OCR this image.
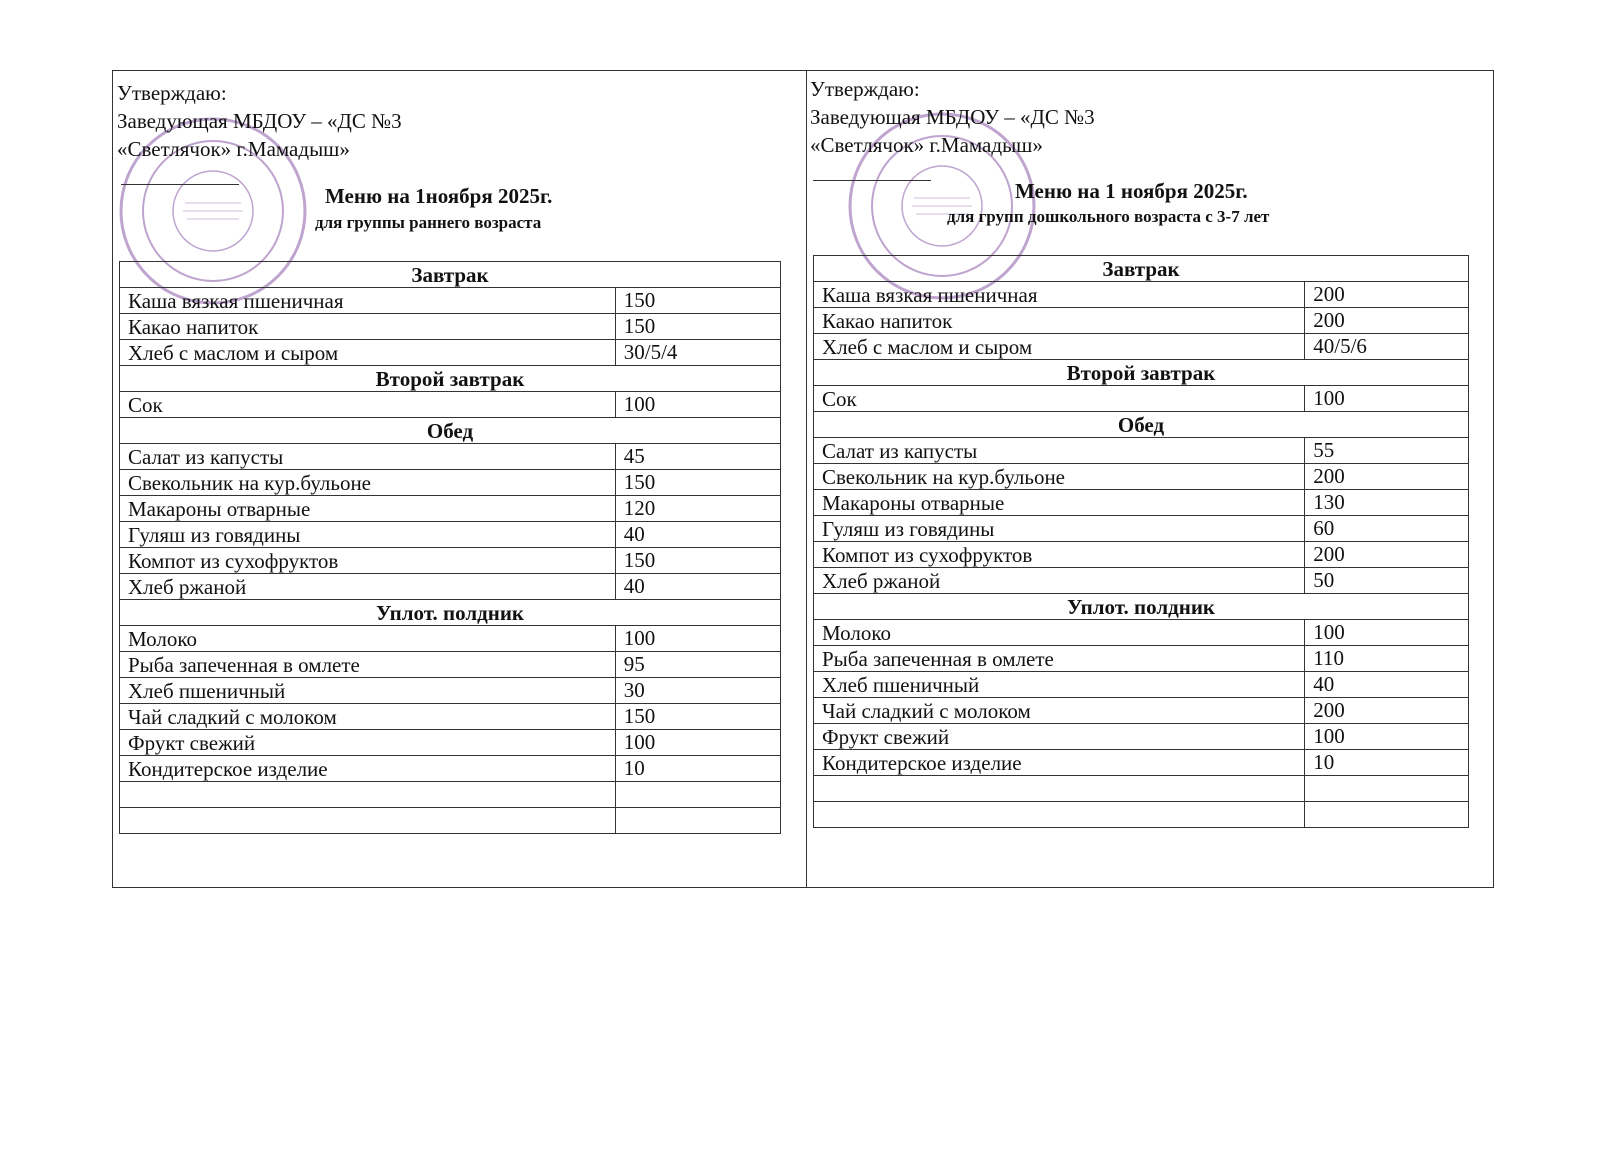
Утверждаю:
Заведующая МБДОУ – «ДС №3
«Светлячок» г.Мамадыш»
Меню на 1ноября 2025г.
для группы раннего возраста
Завтрак	
Каша вязкая пшеничная	150
Какао напиток	150
Хлеб с маслом и сыром	30/5/4
Второй завтрак	
Сок	100
Обед	
Салат из капусты	45
Свекольник на кур.бульоне	150
Макароны отварные	120
Гуляш из говядины	40
Компот из сухофруктов	150
Хлеб ржаной	40
Уплот. полдник	
Молоко	100
Рыба запеченная в омлете	95
Хлеб пшеничный	30
Чай сладкий с молоком	150
Фрукт свежий	100
Кондитерское изделие	10

Утверждаю:
Заведующая МБДОУ – «ДС №3
«Светлячок» г.Мамадыш»
Меню на 1 ноября 2025г.
для групп дошкольного возраста с 3-7 лет
Завтрак	
Каша вязкая пшеничная	200
Какао напиток	200
Хлеб с маслом и сыром	40/5/6
Второй завтрак	
Сок	100
Обед	
Салат из капусты	55
Свекольник на кур.бульоне	200
Макароны отварные	130
Гуляш из говядины	60
Компот из сухофруктов	200
Хлеб ржаной	50
Уплот. полдник	
Молоко	100
Рыба запеченная в омлете	110
Хлеб пшеничный	40
Чай сладкий с молоком	200
Фрукт свежий	100
Кондитерское изделие	10
